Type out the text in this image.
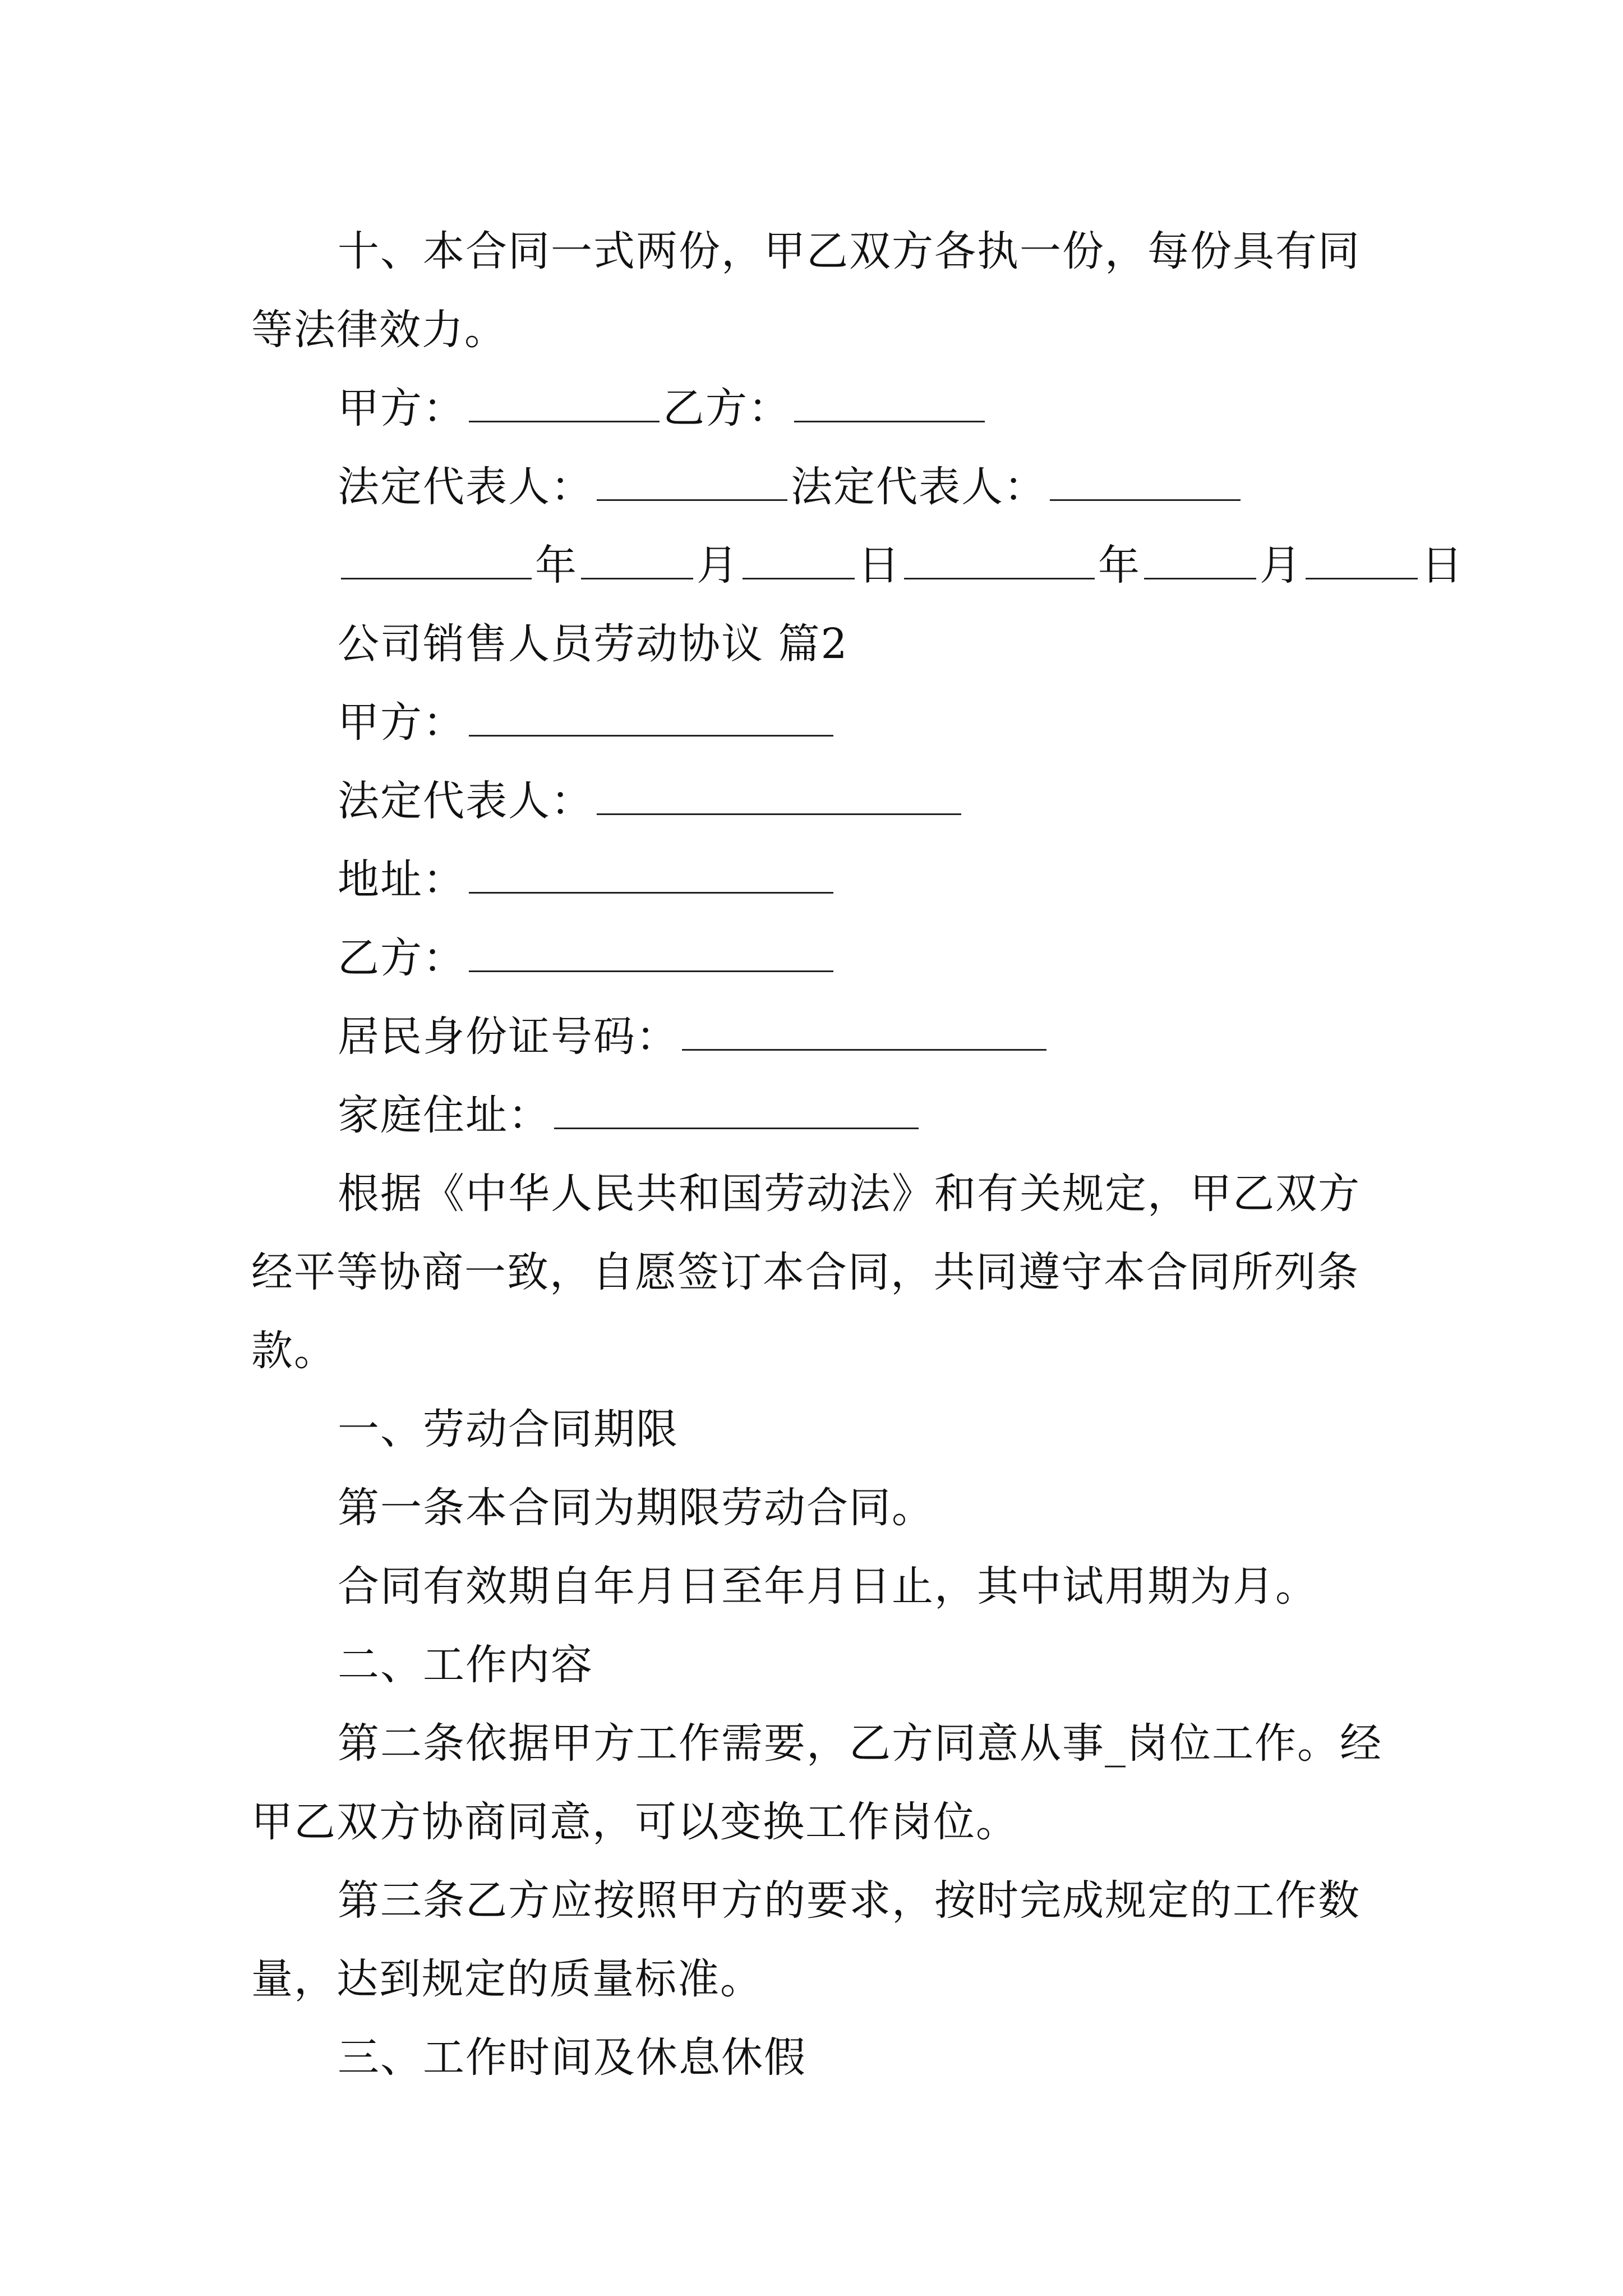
十、本合同一式两份，甲乙双方各执一份，每份具有同等法律效力。

甲方：	乙方：
法定代表人：	法定代表人：
年	月	日	年	月	日
公司销售人员劳动协议 篇2
甲方：
法定代表人：
地址：
乙方：
居民身份证号码：
家庭住址：

根据《中华人民共和国劳动法》和有关规定，甲乙双方经平等协商一致，自愿签订本合同，共同遵守本合同所列条款。

一、劳动合同期限

第一条本合同为期限劳动合同。

合同有效期自年月日至年月日止，其中试用期为月。

二、工作内容

第二条依据甲方工作需要，乙方同意从事_岗位工作。经甲乙双方协商同意，可以变换工作岗位。

第三条乙方应按照甲方的要求，按时完成规定的工作数量，达到规定的质量标准。

三、工作时间及休息休假
